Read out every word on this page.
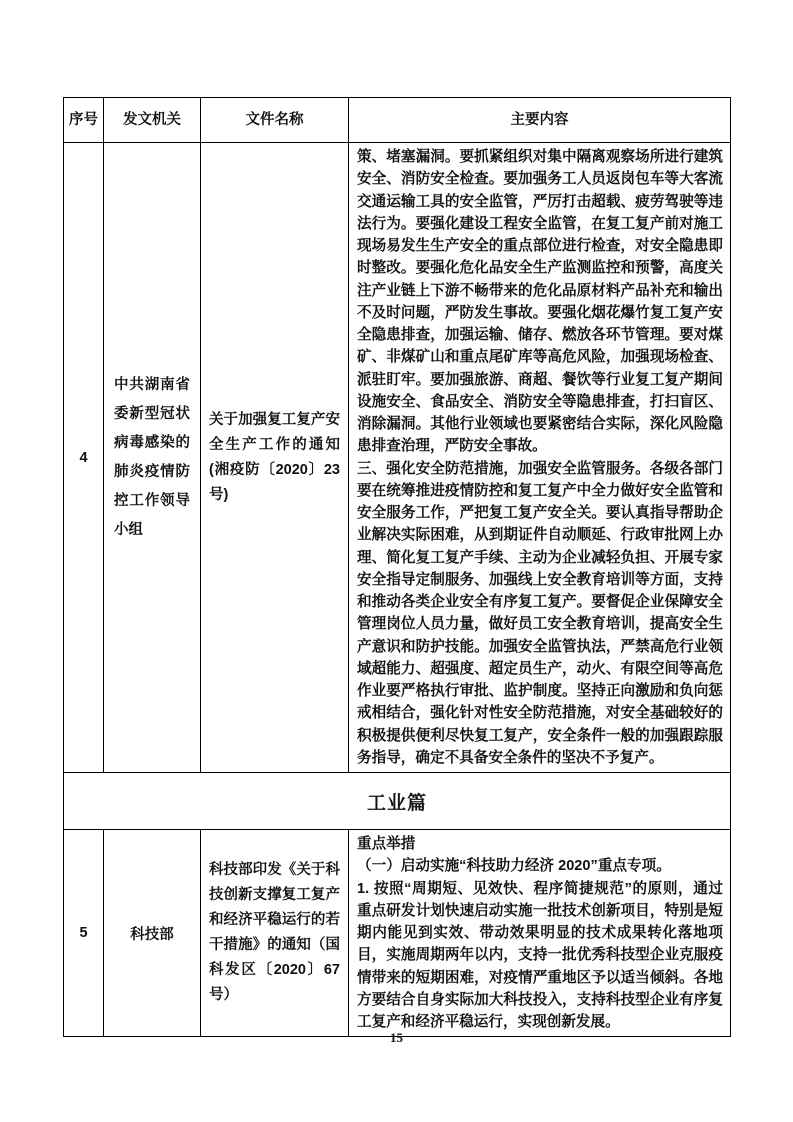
序号	发文机关	文件名称	主要内容
4	中共湖南省委新型冠状病毒感染的肺炎疫情防控工作领导小组	关于加强复工复产安全生产工作的通知(湘疫防〔2020〕23号)	策、堵塞漏洞。要抓紧组织对集中隔离观察场所进行建筑安全、消防安全检查。要加强务工人员返岗包车等大客流交通运输工具的安全监管，严厉打击超载、疲劳驾驶等违法行为。要强化建设工程安全监管，在复工复产前对施工现场易发生生产安全的重点部位进行检查，对安全隐患即时整改。要强化危化品安全生产监测监控和预警，高度关注产业链上下游不畅带来的危化品原材料产品补充和输出不及时问题，严防发生事故。要强化烟花爆竹复工复产安全隐患排查，加强运输、储存、燃放各环节管理。要对煤矿、非煤矿山和重点尾矿库等高危风险，加强现场检查、派驻盯牢。要加强旅游、商超、餐饮等行业复工复产期间设施安全、食品安全、消防安全等隐患排查，打扫盲区、消除漏洞。其他行业领域也要紧密结合实际，深化风险隐患排查治理，严防安全事故。

三、强化安全防范措施，加强安全监管服务。各级各部门要在统筹推进疫情防控和复工复产中全力做好安全监管和安全服务工作，严把复工复产安全关。要认真指导帮助企业解决实际困难，从到期证件自动顺延、行政审批网上办理、简化复工复产手续、主动为企业减轻负担、开展专家安全指导定制服务、加强线上安全教育培训等方面，支持和推动各类企业安全有序复工复产。要督促企业保障安全管理岗位人员力量，做好员工安全教育培训，提高安全生产意识和防护技能。加强安全监管执法，严禁高危行业领域超能力、超强度、超定员生产，动火、有限空间等高危作业要严格执行审批、监护制度。坚持正向激励和负向惩戒相结合，强化针对性安全防范措施，对安全基础较好的积极提供便利尽快复工复产，安全条件一般的加强跟踪服务指导，确定不具备安全条件的坚决不予复产。

工业篇			
5	科技部	科技部印发《关于科技创新支撑复工复产和经济平稳运行的若干措施》的通知（国科发区〔2020〕67号）	重点举措

（一）启动实施“科技助力经济 2020”重点专项。

1. 按照“周期短、见效快、程序简捷规范”的原则，通过重点研发计划快速启动实施一批技术创新项目，特别是短期内能见到实效、带动效果明显的技术成果转化落地项目，实施周期两年以内，支持一批优秀科技型企业克服疫情带来的短期困难，对疫情严重地区予以适当倾斜。各地方要结合自身实际加大科技投入，支持科技型企业有序复工复产和经济平稳运行，实现创新发展。

15
